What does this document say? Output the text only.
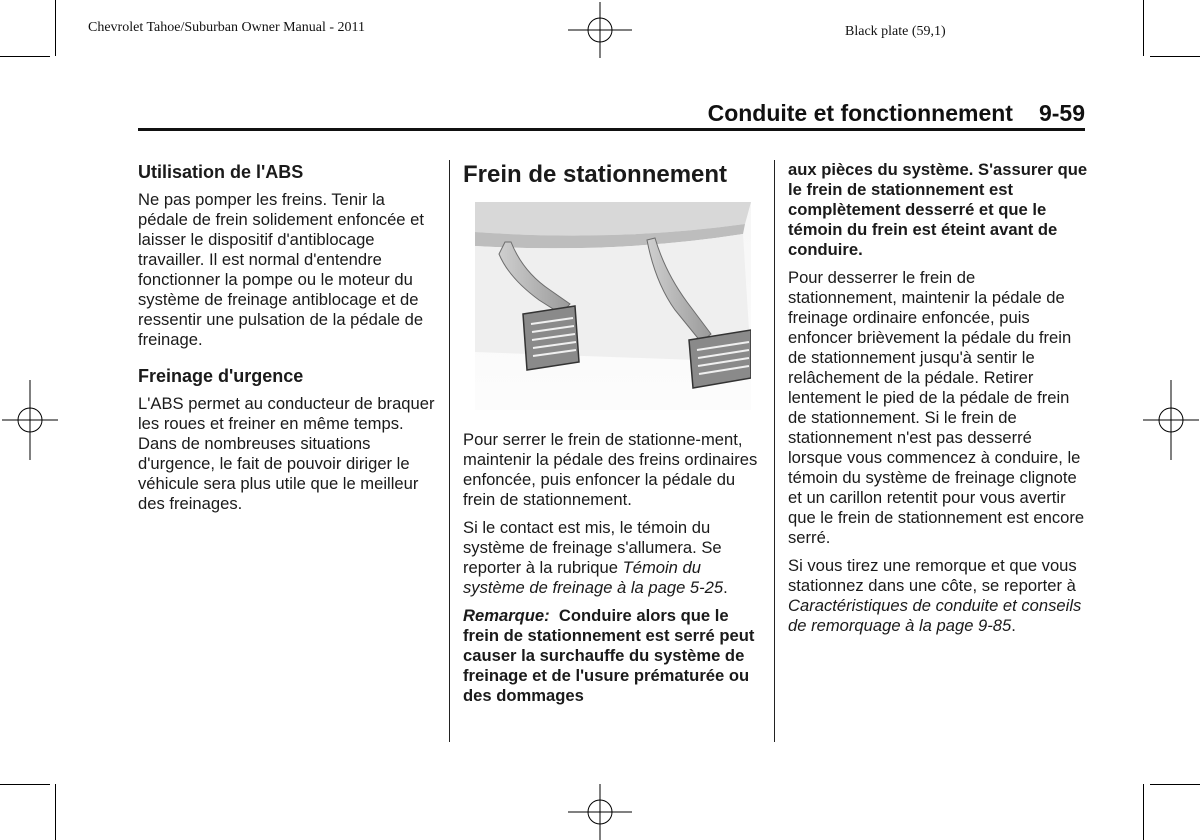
Chevrolet Tahoe/Suburban Owner Manual - 2011	Black plate (59,1)
Conduite et fonctionnement 9-59
Utilisation de l'ABS

Ne pas pomper les freins. Tenir la pédale de frein solidement enfoncée et laisser le dispositif d'antiblocage travailler. Il est normal d'entendre fonctionner la pompe ou le moteur du système de freinage antiblocage et de ressentir une pulsation de la pédale de freinage.

Freinage d'urgence

L'ABS permet au conducteur de braquer les roues et freiner en même temps. Dans de nombreuses situations d'urgence, le fait de pouvoir diriger le véhicule sera plus utile que le meilleur des freinages.

Frein de stationnement

Pour serrer le frein de stationne-ment, maintenir la pédale des freins ordinaires enfoncée, puis enfoncer la pédale du frein de stationnement.

Si le contact est mis, le témoin du système de freinage s'allumera. Se reporter à la rubrique Témoin du système de freinage à la page 5-25.

Remarque: Conduire alors que le frein de stationnement est serré peut causer la surchauffe du système de freinage et de l'usure prématurée ou des dommages

aux pièces du système. S'assurer que le frein de stationnement est complètement desserré et que le témoin du frein est éteint avant de conduire.

Pour desserrer le frein de stationnement, maintenir la pédale de freinage ordinaire enfoncée, puis enfoncer brièvement la pédale du frein de stationnement jusqu'à sentir le relâchement de la pédale. Retirer lentement le pied de la pédale de frein de stationnement. Si le frein de stationnement n'est pas desserré lorsque vous commencez à conduire, le témoin du système de freinage clignote et un carillon retentit pour vous avertir que le frein de stationnement est encore serré.

Si vous tirez une remorque et que vous stationnez dans une côte, se reporter à Caractéristiques de conduite et conseils de remorquage à la page 9-85.
